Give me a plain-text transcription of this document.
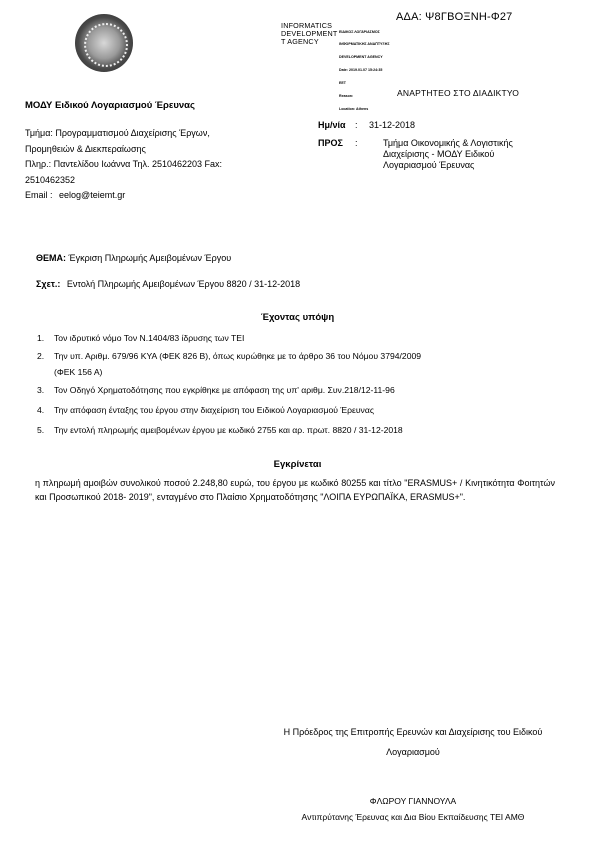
INFORMATICS
DEVELOPMENT
T AGENCY

ΕΙΔΙΚΟΣ ΛΟΓΑΡΙΑΣΜΟΣ

ΙΝΦΟΡΜΑΤΙΚΗΣ ΑΝΑΠΤΥΞΗΣ

DEVELOPMENT AGENCY

Date: 2019.01.07 15:24:35

EET

Reason:

Location: Athens

ΑΔΑ: Ψ8ΓΒΟΞΝΗ-Φ27
ΑΝΑΡΤΗΤΕΟ ΣΤΟ ΔΙΑΔΙΚΤΥΟ
ΜΟΔΥ Ειδικού Λογαριασμού Έρευνας
Τμήμα: Προγραμματισμού Διαχείρισης Έργων,
Προμηθειών & Διεκπεραίωσης
Πληρ.: Παντελίδου Ιωάννα Τηλ. 2510462203 Fax:
2510462352
Email : eelog@teiemt.gr
Ημ/νία : 31-12-2018
ΠΡΟΣ :	Τμήμα Οικονομικής & Λογιστικής
Διαχείρισης - ΜΟΔΥ Ειδικού
Λογαριασμού Έρευνας
ΘΕΜΑ: Έγκριση Πληρωμής Αμειβομένων Έργου
Σχετ.: Εντολή Πληρωμής Αμειβομένων Έργου 8820 / 31-12-2018
Έχοντας υπόψη
1.	Τον ιδρυτικό νόμο Τον Ν.1404/83 ίδρυσης των ΤΕΙ
2.	Την υπ. Αριθμ. 679/96 ΚΥΑ (ΦΕΚ 826 Β), όπως κυρώθηκε με το άρθρο 36 του Νόμου 3794/2009
(ΦΕΚ 156 Α)
3.	Τον Οδηγό Χρηματοδότησης που εγκρίθηκε με απόφαση της υπ' αριθμ. Συν.218/12-11-96
4.	Την απόφαση ένταξης του έργου στην διαχείριση του Ειδικού Λογαριασμού Έρευνας
5.	Την εντολή πληρωμής αμειβομένων έργου με κωδικό 2755 και αρ. πρωτ. 8820 / 31-12-2018
Εγκρίνεται
η πληρωμή αμοιβών συνολικού ποσού 2.248,80 ευρώ, του έργου με κωδικό 80255 και τίτλο "ERASMUS+ / Κινητικότητα Φοιτητών και Προσωπικού 2018- 2019", ενταγμένο στο Πλαίσιο Χρηματοδότησης "ΛΟΙΠΑ ΕΥΡΩΠΑΪΚΑ, ERASMUS+".
Η Πρόεδρος της Επιτροπής Ερευνών και Διαχείρισης του Ειδικού
Λογαριασμού
ΦΛΩΡΟΥ ΓΙΑΝΝΟΥΛΑ
Αντιπρύτανης Έρευνας και Δια Βίου Εκπαίδευσης ΤΕΙ ΑΜΘ
